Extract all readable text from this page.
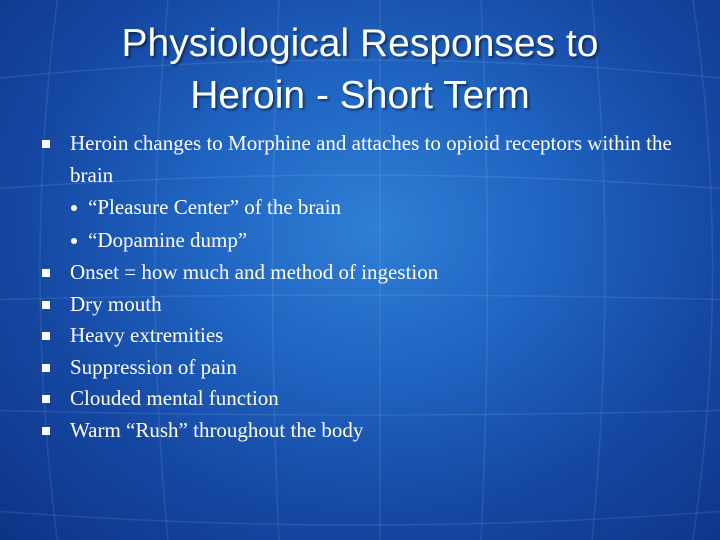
Physiological Responses to
Heroin - Short Term
Heroin changes to Morphine and attaches to opioid receptors within the brain
“Pleasure Center” of the brain
“Dopamine dump”
Onset = how much and method of ingestion
Dry mouth
Heavy extremities
Suppression of pain
Clouded mental function
Warm “Rush” throughout the body
